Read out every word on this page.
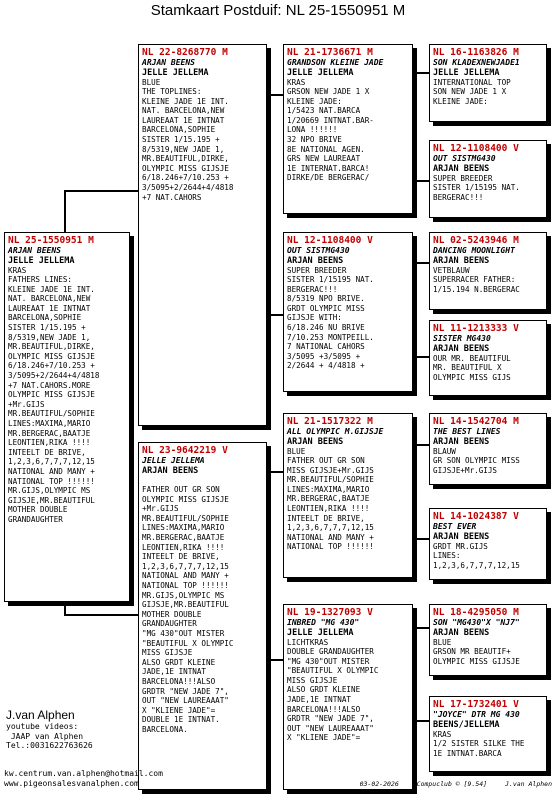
Stamkaart Postduif: NL 25-1550951 M
NL 25-1550951 M
ARJAN BEENS
JELLE JELLEMA
KRAS
FATHERS LINES:
KLEINE JADE 1E INT.
NAT. BARCELONA,NEW
LAUREAAT 1E INTNAT
BARCELONA,SOPHIE
SISTER 1/15.195 +
8/5319,NEW JADE 1,
MR.BEAUTIFUL,DIRKE,
OLYMPIC MISS GIJSJE
6/18.246+7/10.253 +
3/5095+2/2644+4/4818
+7 NAT.CAHORS.MORE
OLYMPIC MISS GIJSJE
+Mr.GIJS
MR.BEAUTIFUL/SOPHIE
LINES:MAXIMA,MARIO
MR.BERGERAC,BAATJE
LEONTIEN,RIKA !!!!
INTEELT DE BRIVE,
1,2,3,6,7,7,7,12,15
NATIONAL AND MANY +
NATIONAL TOP !!!!!!
MR.GIJS,OLYMPIC MS
GIJSJE,MR.BEAUTIFUL
MOTHER DOUBLE
GRANDAUGHTER
NL 22-8268770 M
ARJAN BEENS
JELLE JELLEMA
BLUE
THE TOPLINES:
KLEINE JADE 1E INT.
NAT. BARCELONA,NEW
LAUREAAT 1E INTNAT
BARCELONA,SOPHIE
SISTER 1/15.195 +
8/5319,NEW JADE 1,
MR.BEAUTIFUL,DIRKE,
OLYMPIC MISS GIJSJE
6/18.246+7/10.253 +
3/5095+2/2644+4/4818
+7 NAT.CAHORS
NL 23-9642219 V
JELLE JELLEMA
ARJAN BEENS

FATHER OUT GR SON
OLYMPIC MISS GIJSJE
+Mr.GIJS
MR.BEAUTIFUL/SOPHIE
LINES:MAXIMA,MARIO
MR.BERGERAC,BAATJE
LEONTIEN,RIKA !!!!
INTEELT DE BRIVE,
1,2,3,6,7,7,7,12,15
NATIONAL AND MANY +
NATIONAL TOP !!!!!!
MR.GIJS,OLYMPIC MS
GIJSJE,MR.BEAUTIFUL
MOTHER DOUBLE
GRANDAUGHTER
"MG 430"OUT MISTER
"BEAUTIFUL X OLYMPIC
MISS GIJSJE
ALSO GRDT KLEINE
JADE,1E INTNAT
BARCELONA!!!ALSO
GRDTR "NEW JADE 7",
OUT "NEW LAUREAAAT"
X "KLIENE JADE"=
DOUBLE 1E INTNAT.
BARCELONA.
NL 21-1736671 M
GRANDSON KLEINE JADE
JELLE JELLEMA
KRAS
GRSON NEW JADE 1 X
KLEINE JADE:
1/5423 NAT.BARCA
1/20669 INTNAT.BAR-
LONA !!!!!!
32 NPO BRIVE
8E NATIONAL AGEN.
GRS NEW LAUREAAT
1E INTERNAT.BARCA!
DIRKE/DE BERGERAC/
NL 12-1108400 V
OUT SISTMG430
ARJAN BEENS
SUPER BREEDER
SISTER 1/15195 NAT.
BERGERAC!!!
8/5319 NPO BRIVE.
GRDT OLYMPIC MISS
GIJSJE WITH:
6/18.246 NU BRIVE
7/10.253 MONTPEILL.
7 NATIONAL CAHORS
3/5095 +3/5095 +
2/2644 + 4/4818 +
NL 21-1517322 M
ALL OLYMPIC M.GIJSJE
ARJAN BEENS
BLUE
FATHER OUT GR SON
MISS GIJSJE+Mr.GIJS
MR.BEAUTIFUL/SOPHIE
LINES:MAXIMA,MARIO
MR.BERGERAC,BAATJE
LEONTIEN,RIKA !!!!
INTEELT DE BRIVE,
1,2,3,6,7,7,7,12,15
NATIONAL AND MANY +
NATIONAL TOP !!!!!!
NL 19-1327093 V
INBRED "MG 430"
JELLE JELLEMA
LICHTKRAS
DOUBLE GRANDAUGHTER
"MG 430"OUT MISTER
"BEAUTIFUL X OLYMPIC
MISS GIJSJE
ALSO GRDT KLEINE
JADE,1E INTNAT
BARCELONA!!!ALSO
GRDTR "NEW JADE 7",
OUT "NEW LAUREAAAT"
X "KLIENE JADE"=
NL 16-1163826 M
SON KLADEXNEWJADE1
JELLE JELLEMA
INTERNATIONAL TOP
SON NEW JADE 1 X
KLEINE JADE:
NL 12-1108400 V
OUT SISTMG430
ARJAN BEENS
SUPER BREEDER
SISTER 1/15195 NAT.
BERGERAC!!!
NL 02-5243946 M
DANCING MOONLIGHT
ARJAN BEENS
VETBLAUW
SUPERRACER FATHER:
1/15.194 N.BERGERAC
NL 11-1213333 V
SISTER MG430
ARJAN BEENS
OUR MR. BEAUTIFUL
MR. BEAUTIFUL X
OLYMPIC MISS GIJS
NL 14-1542704 M
THE BEST LINES
ARJAN BEENS
BLAUW
GR SON OLYMPIC MISS
GIJSJE+Mr.GIJS
NL 14-1024387 V
BEST EVER
ARJAN BEENS
GRDT MR.GIJS
LINES:
1,2,3,6,7,7,7,12,15
NL 18-4295050 M
SON "MG430"X "NJ7"
ARJAN BEENS
BLUE
GRSON MR BEAUTIF+
OLYMPIC MISS GIJSJE
NL 17-1732401 V
"JOYCE" DTR MG 430
BEENS/JELLEMA
KRAS
1/2 SISTER SILKE THE
1E INTNAT.BARCA
J.van Alphen
youtube videos:
JAAP van Alphen
Tel.:0031622763626
kw.centrum.van.alphen@hotmail.com
www.pigeonsalesvanalphen.com	03-02-2026	Compuclub © [9.54]	J.van Alphen
